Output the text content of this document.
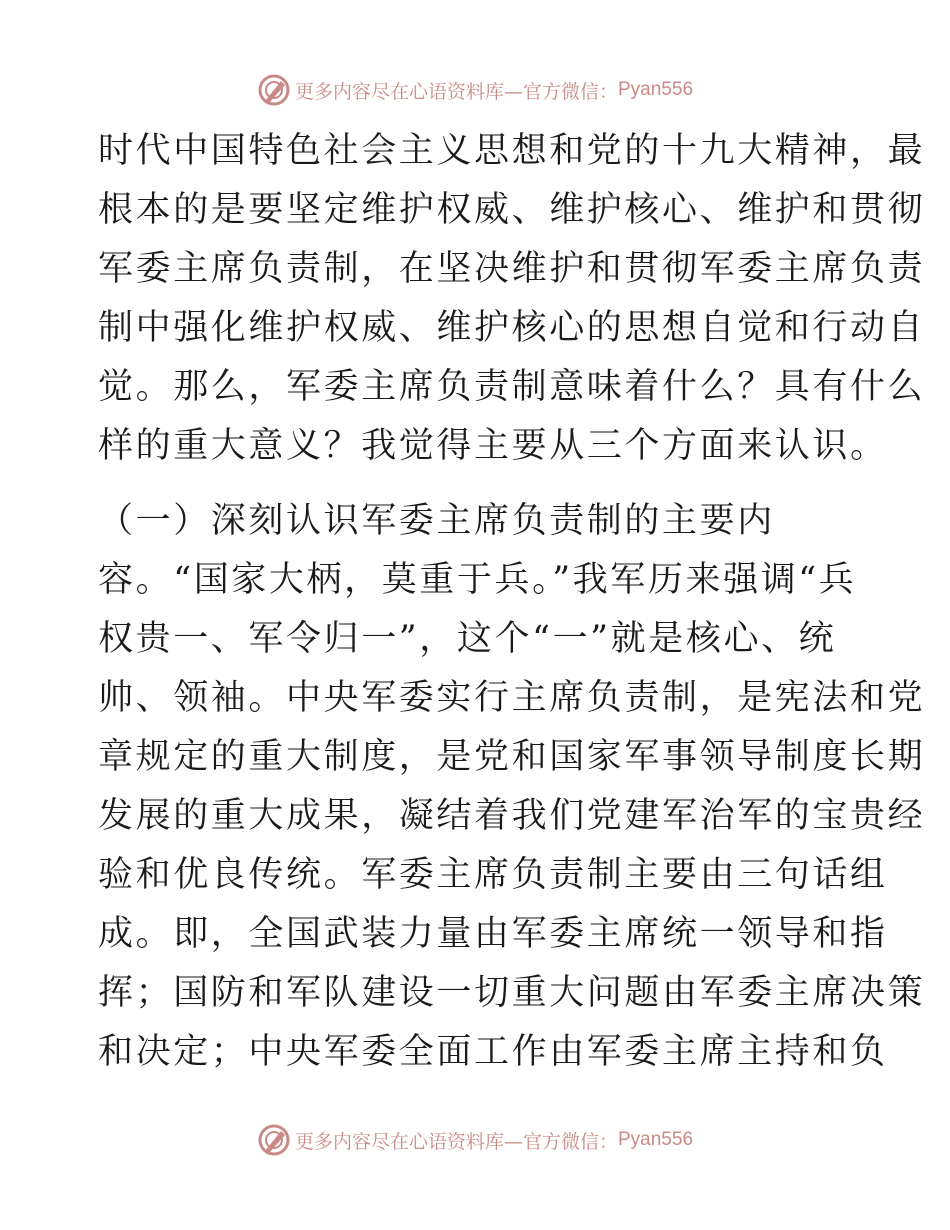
更多内容尽在心语资料库—官方微信： Pyan556
时代中国特色社会主义思想和党的十九大精神，最
根本的是要坚定维护权威、维护核心、维护和贯彻
军委主席负责制，在坚决维护和贯彻军委主席负责
制中强化维护权威、维护核心的思想自觉和行动自
觉。那么，军委主席负责制意味着什么？具有什么
样的重大意义？我觉得主要从三个方面来认识。
（一）深刻认识军委主席负责制的主要内
容。“国家大柄，莫重于兵。”我军历来强调“兵
权贵一、军令归一”，这个“一”就是核心、统
帅、领袖。中央军委实行主席负责制，是宪法和党
章规定的重大制度，是党和国家军事领导制度长期
发展的重大成果，凝结着我们党建军治军的宝贵经
验和优良传统。军委主席负责制主要由三句话组
成。即，全国武装力量由军委主席统一领导和指
挥；国防和军队建设一切重大问题由军委主席决策
和决定；中央军委全面工作由军委主席主持和负
更多内容尽在心语资料库—官方微信： Pyan556
